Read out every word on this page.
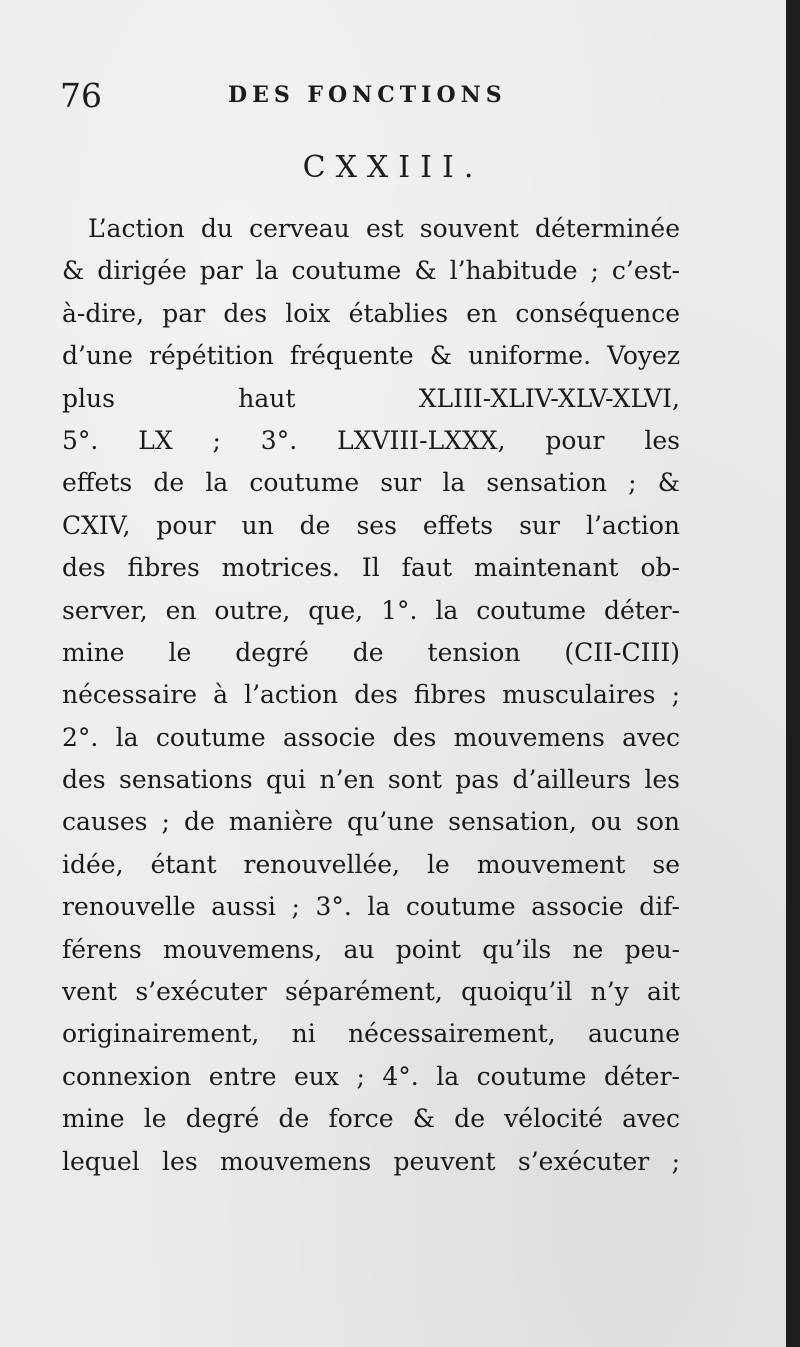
76	DES FONCTIONS
CXXIII.
L’action du cerveau est souvent déterminée
& dirigée par la coutume & l’habitude ; c’est-
à-dire, par des loix établies en conséquence
d’une répétition fréquente & uniforme. Voyez
plus haut XLIII-XLIV-XLV-XLVI,
5°. LX ; 3°. LXVIII-LXXX, pour les
effets de la coutume sur la sensation ; &
CXIV, pour un de ses effets sur l’action
des fibres motrices. Il faut maintenant ob-
server, en outre, que, 1°. la coutume déter-
mine le degré de tension (CII-CIII)
nécessaire à l’action des fibres musculaires ;
2°. la coutume associe des mouvemens avec
des sensations qui n’en sont pas d’ailleurs les
causes ; de manière qu’une sensation, ou son
idée, étant renouvellée, le mouvement se
renouvelle aussi ; 3°. la coutume associe dif-
férens mouvemens, au point qu’ils ne peu-
vent s’exécuter séparément, quoiqu’il n’y ait
originairement, ni nécessairement, aucune
connexion entre eux ; 4°. la coutume déter-
mine le degré de force & de vélocité avec
lequel les mouvemens peuvent s’exécuter ;
